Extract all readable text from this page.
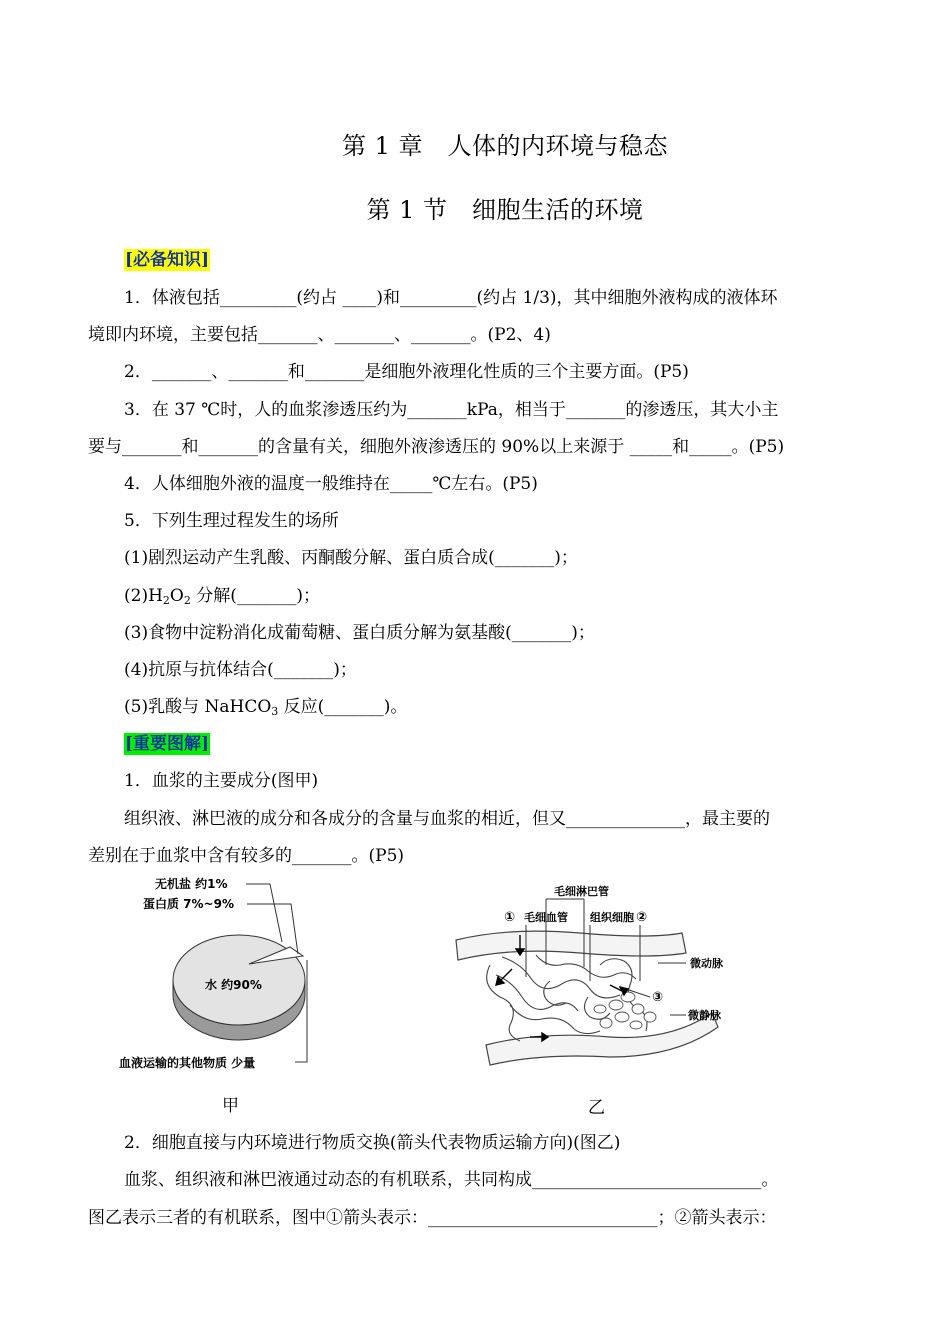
第 1 章　人体的内环境与稳态
第 1 节　细胞生活的环境
[必备知识]
1．体液包括_________(约占 ____)和_________(约占 1/3)，其中细胞外液构成的液体环
境即内环境，主要包括_______、_______、_______。(P2、4)
2．_______、_______和_______是细胞外液理化性质的三个主要方面。(P5)
3．在 37 ℃时，人的血浆渗透压约为_______kPa，相当于_______的渗透压，其大小主
要与_______和_______的含量有关，细胞外液渗透压的 90%以上来源于 _____和_____。(P5)
4．人体细胞外液的温度一般维持在_____℃左右。(P5)
5．下列生理过程发生的场所
(1)剧烈运动产生乳酸、丙酮酸分解、蛋白质合成(_______)；
$(2)H_2O_2$ 分解(_______)；
(3)食物中淀粉消化成葡萄糖、蛋白质分解为氨基酸(_______)；
(4)抗原与抗体结合(_______)；
(5)乳酸与 NaHCO$_3$ 反应(_______)。
[重要图解]
1．血浆的主要成分(图甲)
组织液、淋巴液的成分和各成分的含量与血浆的相近，但又______________，最主要的
差别在于血浆中含有较多的_______。(P5)
无机盐 约1%
蛋白质 7%~9%
水 约90%
血液运输的其他物质 少量
甲
毛细淋巴管
① 毛细血管 组织细胞 ②
微动脉
③
微静脉
乙
2．细胞直接与内环境进行物质交换(箭头代表物质运输方向)(图乙)
血浆、组织液和淋巴液通过动态的有机联系，共同构成___________________________。
图乙表示三者的有机联系，图中①箭头表示：___________________________；②箭头表示：
